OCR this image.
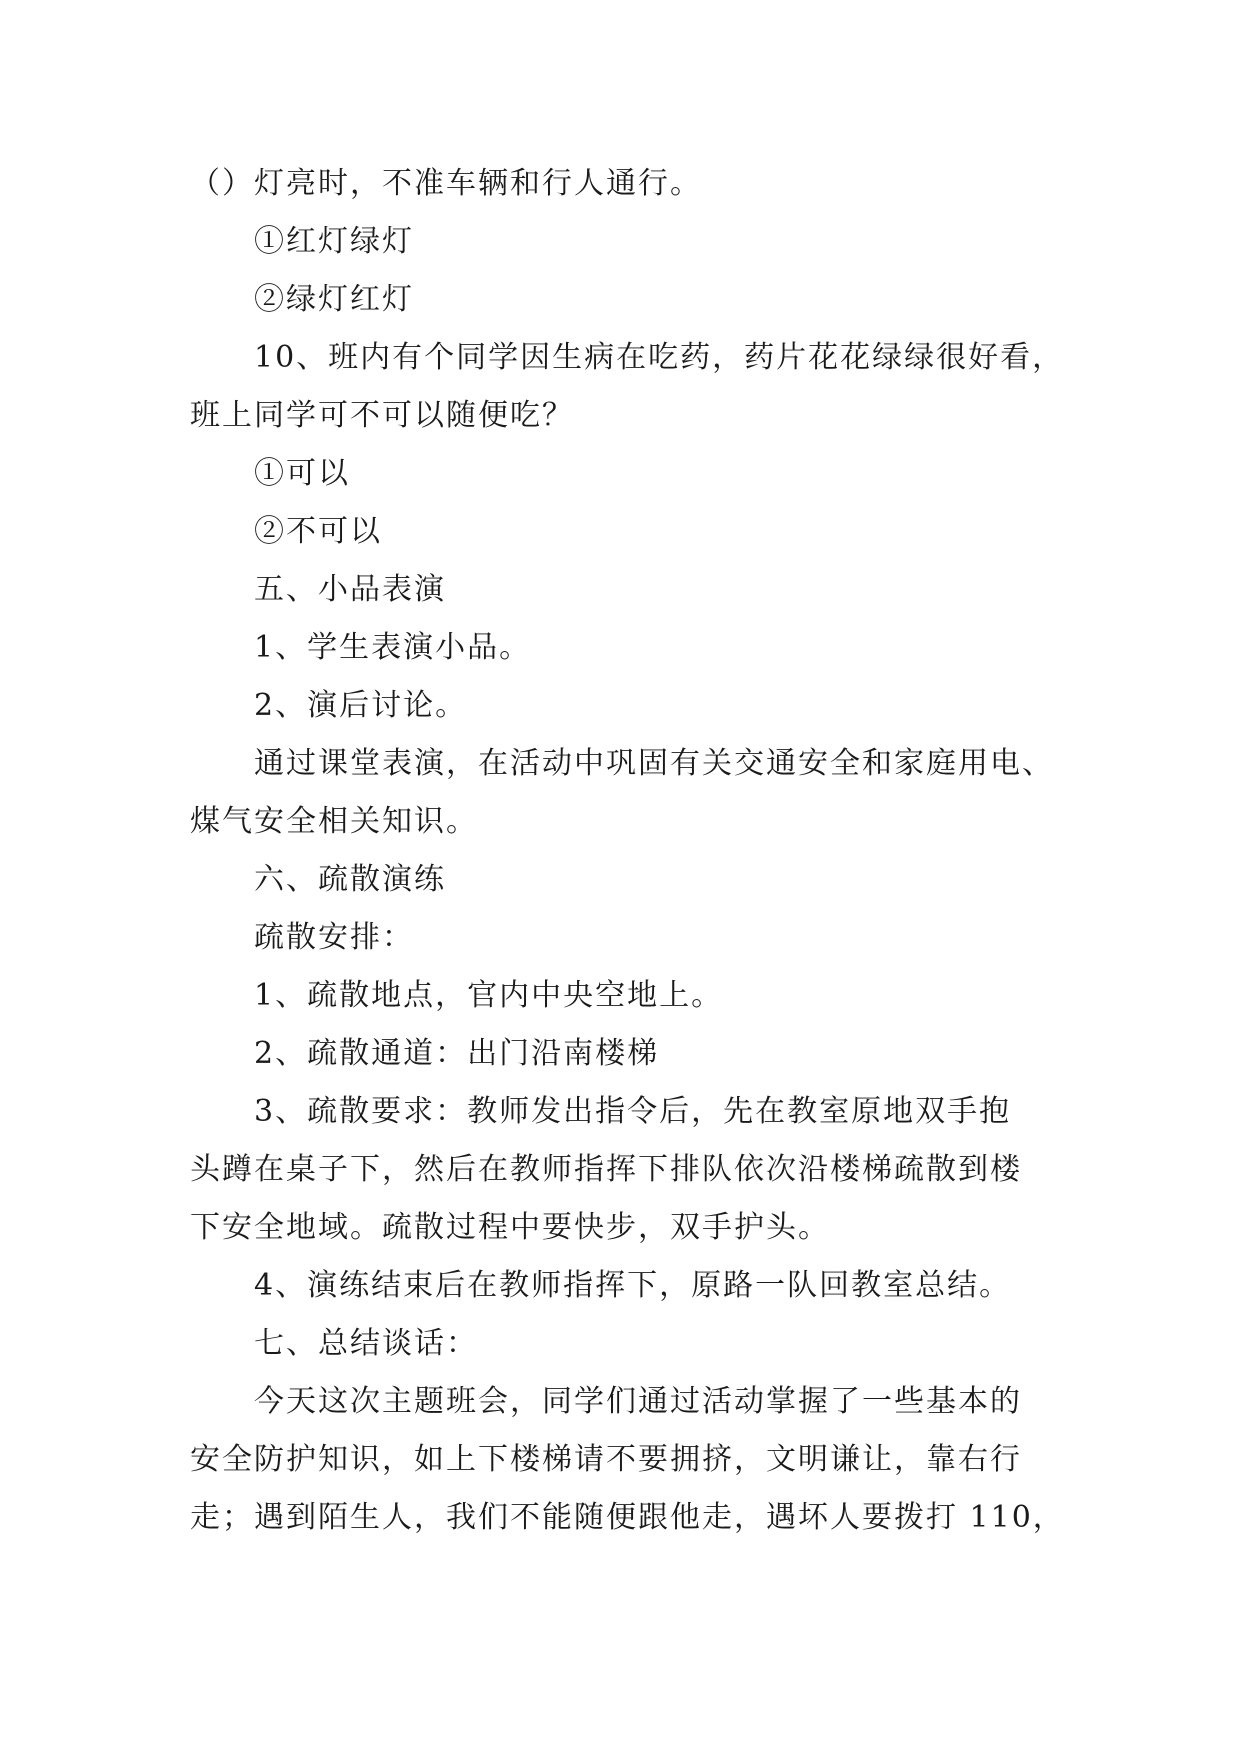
（）灯亮时，不准车辆和行人通行。
①红灯绿灯
②绿灯红灯
10、班内有个同学因生病在吃药，药片花花绿绿很好看，
班上同学可不可以随便吃？
①可以
②不可以
五、小品表演
1、学生表演小品。
2、演后讨论。
通过课堂表演，在活动中巩固有关交通安全和家庭用电、
煤气安全相关知识。
六、疏散演练
疏散安排：
1、疏散地点，官内中央空地上。
2、疏散通道：出门沿南楼梯
3、疏散要求：教师发出指令后，先在教室原地双手抱
头蹲在桌子下，然后在教师指挥下排队依次沿楼梯疏散到楼
下安全地域。疏散过程中要快步，双手护头。
4、演练结束后在教师指挥下，原路一队回教室总结。
七、总结谈话：
今天这次主题班会，同学们通过活动掌握了一些基本的
安全防护知识，如上下楼梯请不要拥挤，文明谦让，靠右行
走；遇到陌生人，我们不能随便跟他走，遇坏人要拨打 110，
